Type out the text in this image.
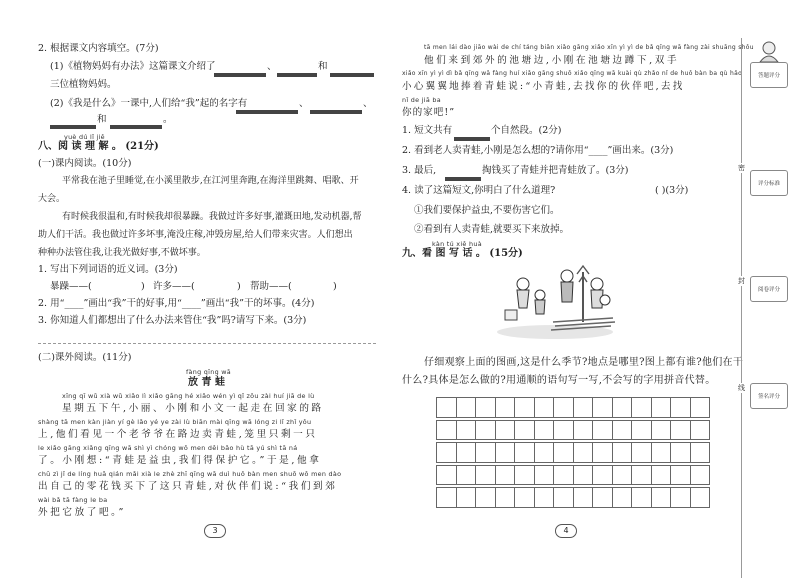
2. 根据课文内容填空。(7分)
(1)《植物妈妈有办法》这篇课文介绍了	、	和
三位植物妈妈。
(2)《我是什么》一课中,人们给“我”起的名字有	、	、
和	。
yuè dú lǐ jiě
八、阅 读 理 解 。 (21分)
(一)课内阅读。(10分)
平常我在池子里睡觉,在小溪里散步,在江河里奔跑,在海洋里跳舞、唱歌、开
大会。
有时候我很温和,有时候我却很暴躁。我做过许多好事,灌溉田地,发动机器,帮
助人们干活。我也做过许多坏事,淹没庄稼,冲毁房屋,给人们带来灾害。人们想出
种种办法管住我,让我光做好事,不做坏事。
1. 写出下列词语的近义词。(3分)
暴躁——(	) 许多——(	) 帮助——(	)
2. 用“____”画出“我”干的好事,用“____”画出“我”干的坏事。(4分)
3. 你知道人们都想出了什么办法来管住“我”吗?请写下来。(3分)
(二)课外阅读。(11分)
fàng qīng wā
放 青 蛙
xīng qī wǔ xià wǔ xiǎo lì xiǎo gāng hé xiǎo wén yì qǐ zǒu zài huí jiā de lù
星期五下午,小丽、小刚和小文一起走在回家的路
shàng tā men kàn jiàn yí gè lǎo yé ye zài lù biān mài qīng wā lóng zi lǐ zhǐ yǒu
上,他们看见一个老爷爷在路边卖青蛙,笼里只剩一只
le xiǎo gāng xiǎng qīng wā shì yì chóng wǒ men děi bǎo hù tā yú shì tā ná
了。小刚想:“青蛙是益虫,我们得保护它。”于是,他拿
chū zì jǐ de líng huā qián mǎi xià le zhè zhī qīng wā duì huǒ bàn men shuō wǒ men dào
出自己的零花钱买下了这只青蛙,对伙伴们说:“我们到郊
wài bǎ tā fàng le ba
外把它放了吧。”
3
tā men lái dào jiāo wài de chí táng biān xiǎo gāng xiǎo xīn yì yì de bǎ qīng wā fàng zài shuāng shǒu
他们来到郊外的池塘边,小刚在池塘边蹲下,双手
xiǎo xīn yì yì dì bǎ qīng wā fàng huí xiǎo gāng shuō xiǎo qīng wā kuài qù zhǎo nǐ de huǒ bàn ba qù hǎo
小心翼翼地捧着青蛙说:“小青蛙,去找你的伙伴吧,去找
nǐ de jiā ba
你的家吧!”
1. 短文共有	个自然段。(2分)
2. 看到老人卖青蛙,小刚是怎么想的?请你用“____”画出来。(3分)
3. 最后,	掏钱买了青蛙并把青蛙放了。(3分)
4. 读了这篇短文,你明白了什么道理?	( )(3分)
①我们要保护益虫,不要伤害它们。
②看到有人卖青蛙,就要买下来放掉。
kàn tú xiě huà
九、看 图 写 话 。 (15分)
仔细观察上面的图画,这是什么季节?地点是哪里?图上都有谁?他们在干
什么?具体是怎么做的?用通顺的语句写一写,不会写的字用拼音代替。

4
答题评分
密
评分标准
封
阅卷评分
线
签名评分
